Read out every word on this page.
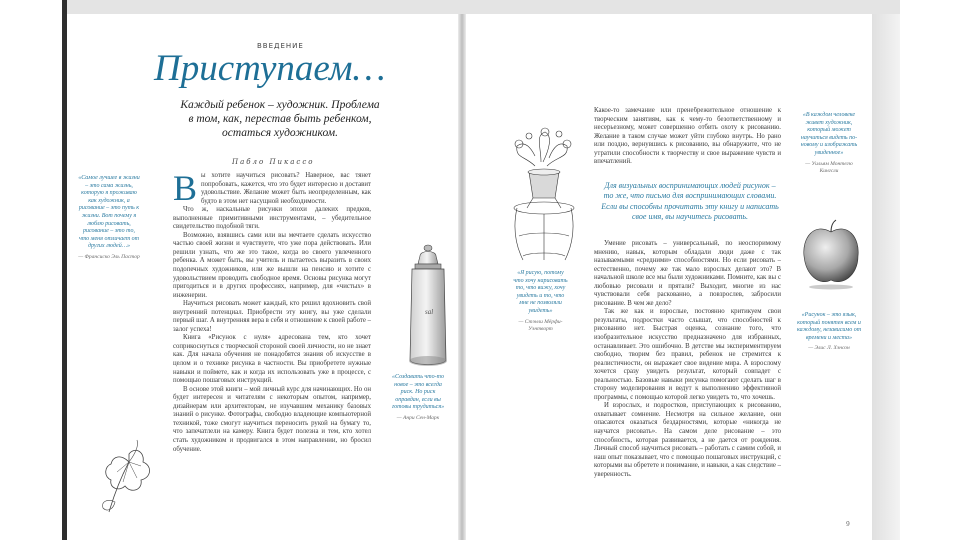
ВВЕДЕНИЕ
Приступаем…
Каждый ребенок – художник. Проблема в том, как, перестав быть ребенком, остаться художником.
Пабло Пикассо
«Самое лучшее в жизни – это сама жизнь, которую я проживаю как художник, а рисование – это путь к жизни. Вот почему я люблю рисовать, рисование – это то, что меня отличает от других людей…»
— Франсиско Эль Пастор

Вы хотите научиться рисовать? Наверное, вас тянет попробовать, кажется, что это будет интересно и доставит удовольствие. Желание может быть неопределенным, как будто в этом нет насущной необходимости.

Что ж, наскальные рисунки эпохи далеких предков, выполненные примитивными инструментами, – убедительное свидетельство подобной тяги.

Возможно, взявшись сами или вы мечтаете сделать искусство частью своей жизни и чувствуете, что уже пора действовать. Или решили узнать, что же это такое, когда во своего увлеченного ребенка. А может быть, вы учитель и пытаетесь выразить в своих подопечных художников, или же вышли на пенсию и хотите с удовольствием проводить свободное время. Основы рисунка могут пригодиться и в других профессиях, например, для «чистых» в инженерии.

Научиться рисовать может каждый, кто решил вдохновить свой внутренний потенциал. Приобрести эту книгу, вы уже сделали первый шаг. А внутренняя вера в себя и отношение к своей работе – залог успеха!

Книга «Рисунок с нуля» адресована тем, кто хочет соприкоснуться с творческой стороной своей личности, но не знает как. Для начала обучения не понадобятся знания об искусстве в целом и о технике рисунка в частности. Вы приобретете нужные навыки и поймете, как и когда их использовать уже в процессе, с помощью пошаговых инструкций.

В основе этой книги – мой личный курс для начинающих. Но он будет интересен и читателям с некоторым опытом, например, дизайнерам или архитекторам, не изучавшим механику базовых знаний о рисунке. Фотографы, свободно владеющие компьютерной техникой, тоже смогут научиться переносить рукой на бумагу то, что запечатлели на камеру. Книга будет полезна и тем, кто хотел стать художником и продвигался в этом направлении, но бросил обучение.

sal
«Я рисую, потому что хочу нарисовать то, что вижу, хочу увидеть и то, что мне не позволяли увидеть»
— Стэнли Мёрфи-Уэнтворт
«Создавать что-то новое – это всегда риск. Но риск оправдан, если вы готовы трудиться»
— Анри Сен-Марк

Какое-то замечание или пренебрежительное отношение к творческим занятиям, как к чему-то безответственному и несерьезному, может совершенно отбить охоту к рисованию. Желание в таком случае может уйти глубоко внутрь. Но рано или поздно, вернувшись к рисованию, вы обнаружите, что не утратили способности к творчеству и свое выражение чувств и впечатлений.

Для визуальных воспринимающих людей рисунок – то же, что письмо для воспринимающих словами. Если вы способны прочитать эту книгу и написать свое имя, вы научитесь рисовать.

Умение рисовать – универсальный, по неоспоримому мнению, навык, которым обладали люди даже с так называемыми «средними» способностями. Но если рисовать – естественно, почему же так мало взрослых делают это? В начальной школе все мы были художниками. Помните, как вы с любовью рисовали и прятали? Выходит, многие из нас чувствовали себя раскованно, а повзрослев, забросили рисование. В чем же дело?

Так же как и взрослые, постоянно критикуем свои результаты, подростки часто слышат, что способностей к рисованию нет. Быстрая оценка, сознание того, что изобразительное искусство предназначено для избранных, останавливает. Это ошибочно. В детстве мы экспериментируем свободно, творим без правил, ребенок не стремится к реалистичности, он выражает свое видение мира. А взрослому хочется сразу увидеть результат, который совпадет с реальностью. Базовые навыки рисунка помогают сделать шаг в сторону моделирования и ведут к выполнению эффективной программы, с помощью которой легко увидеть то, что хочешь.

И взрослых, и подростков, приступающих к рисованию, охватывает сомнение. Несмотря на сильное желание, они опасаются оказаться бездарностями, которые «никогда не научатся рисовать». На самом деле рисование – это способность, которая развивается, а не дается от рождения. Личный способ научиться рисовать – работать с самим собой, и наш опыт показывает, что с помощью пошаговых инструкций, с которыми вы обретете и понимание, и навыки, а как следствие – уверенность.

«В каждом человеке живет художник, который может научиться видеть по-новому и изображать увиденное»
— Уильям Монтегю Кингсли
«Рисунок – это язык, который понятен всем и каждому, независимо от времени и места»
— Элис Л. Хэнсон
9
